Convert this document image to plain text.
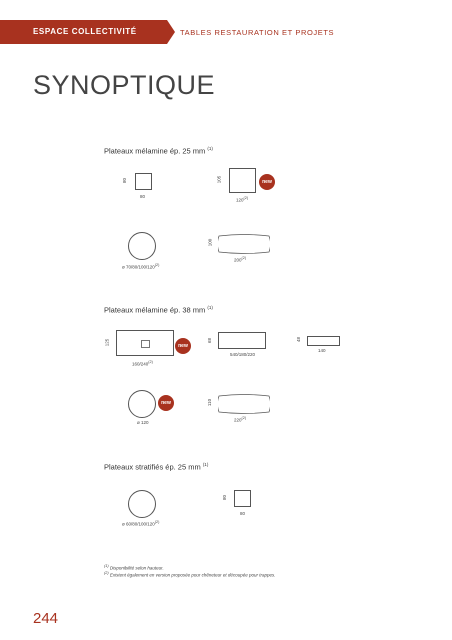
ESPACE COLLECTIVITÉ	TABLES RESTAURATION ET PROJETS
SYNOPTIQUE
Plateaux mélamine ép. 25 mm $^{(1)}$
80
80
105
120$^{(2)}$
new
ø 70/80/100/120$^{(2)}$
100
200$^{(2)}$
Plateaux mélamine ép. 38 mm $^{(1)}$
125
160/240$^{(2)}$
new
68
540/180/220
48
140
new
ø 120
110
220$^{(2)}$
Plateaux stratifiés ép. 25 mm $^{(1)}$
ø 60/80/100/120$^{(2)}$
80
80
$^{(1)}$ Disponibilité selon hauteur.
$^{(2)}$ Existent également en version proposée pour chêneteur et découpée pour trappes.
244
